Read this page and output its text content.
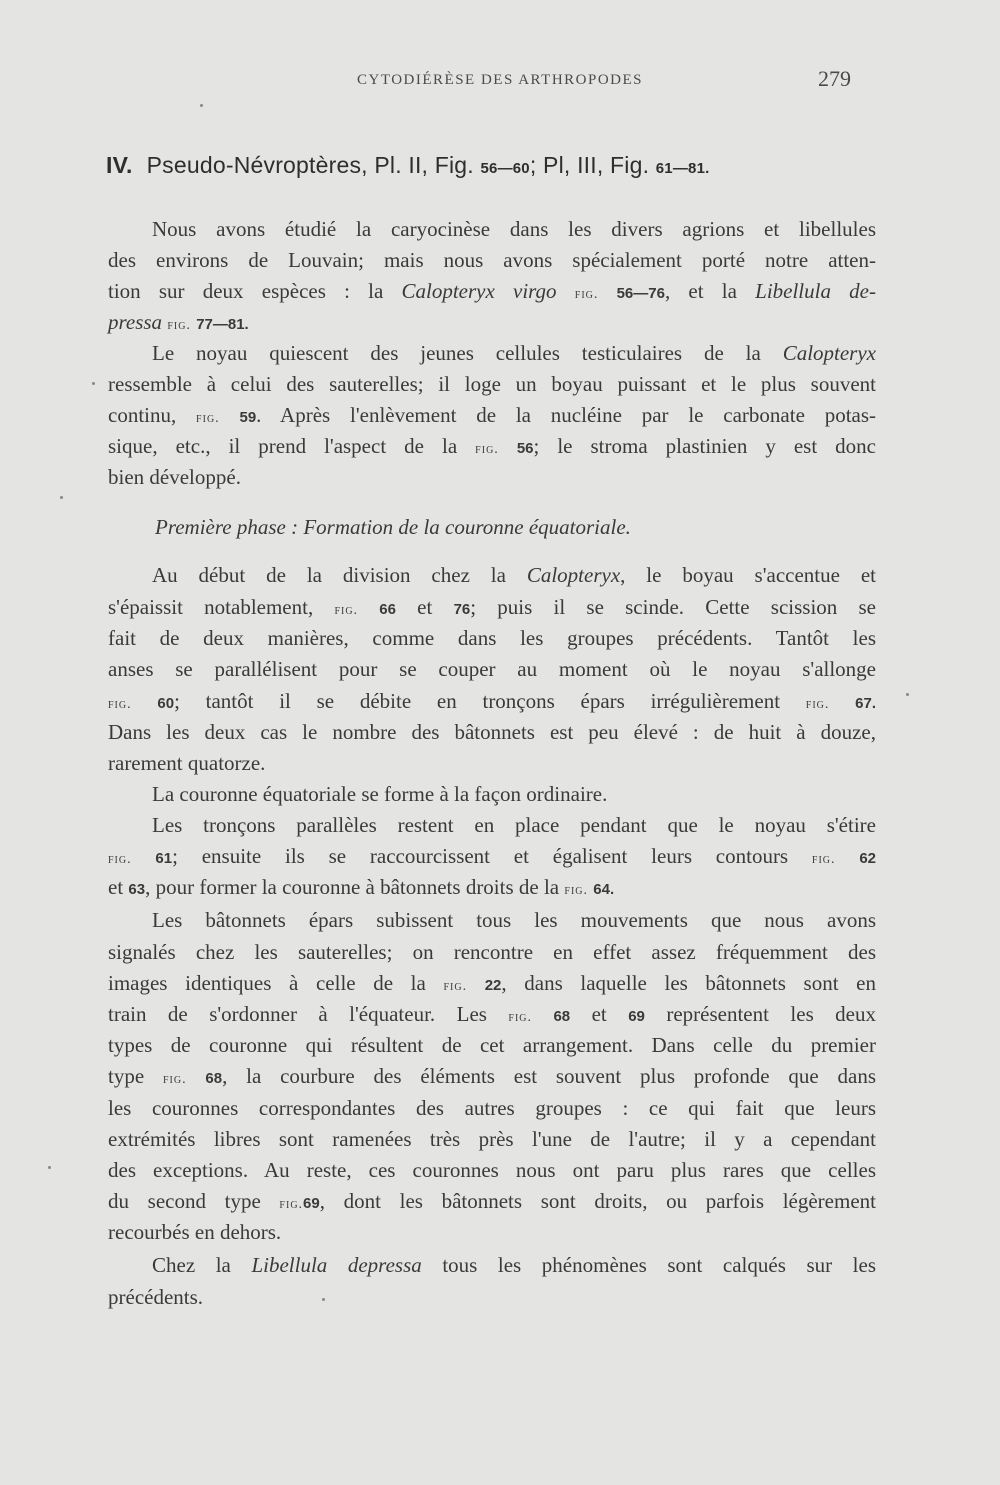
CYTODIÉRÈSE DES ARTHROPODES	279
IV. Pseudo-Névroptères, Pl. II, Fig. 56—60; Pl, III, Fig. 61—81.
Nous avons étudié la caryocinèse dans les divers agrions et libellules
des environs de Louvain; mais nous avons spécialement porté notre atten-
tion sur deux espèces : la Calopteryx virgo fig. 56—76, et la Libellula de-
pressa fig. 77—81.
Le noyau quiescent des jeunes cellules testiculaires de la Calopteryx
ressemble à celui des sauterelles; il loge un boyau puissant et le plus souvent
continu, fig. 59. Après l'enlèvement de la nucléine par le carbonate potas-
sique, etc., il prend l'aspect de la fig. 56; le stroma plastinien y est donc
bien développé.
Première phase : Formation de la couronne équatoriale.
Au début de la division chez la Calopteryx, le boyau s'accentue et
s'épaissit notablement, fig. 66 et 76; puis il se scinde. Cette scission se
fait de deux manières, comme dans les groupes précédents. Tantôt les
anses se parallélisent pour se couper au moment où le noyau s'allonge
fig. 60; tantôt il se débite en tronçons épars irrégulièrement fig. 67.
Dans les deux cas le nombre des bâtonnets est peu élevé : de huit à douze,
rarement quatorze.
La couronne équatoriale se forme à la façon ordinaire.
Les tronçons parallèles restent en place pendant que le noyau s'étire
fig. 61; ensuite ils se raccourcissent et égalisent leurs contours fig. 62
et 63, pour former la couronne à bâtonnets droits de la fig. 64.
Les bâtonnets épars subissent tous les mouvements que nous avons
signalés chez les sauterelles; on rencontre en effet assez fréquemment des
images identiques à celle de la fig. 22, dans laquelle les bâtonnets sont en
train de s'ordonner à l'équateur. Les fig. 68 et 69 représentent les deux
types de couronne qui résultent de cet arrangement. Dans celle du premier
type fig. 68, la courbure des éléments est souvent plus profonde que dans
les couronnes correspondantes des autres groupes : ce qui fait que leurs
extrémités libres sont ramenées très près l'une de l'autre; il y a cependant
des exceptions. Au reste, ces couronnes nous ont paru plus rares que celles
du second type fig.69, dont les bâtonnets sont droits, ou parfois légèrement
recourbés en dehors.
Chez la Libellula depressa tous les phénomènes sont calqués sur les
précédents.
